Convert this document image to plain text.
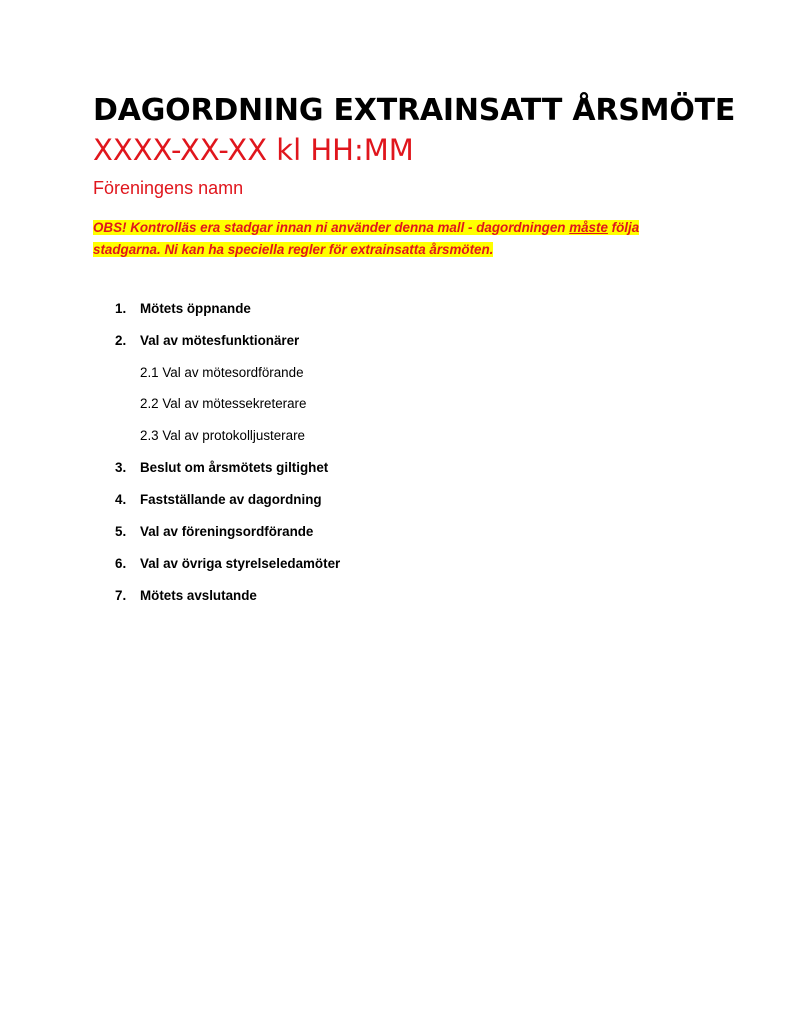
DAGORDNING EXTRAINSATT ÅRSMÖTE
XXXX-XX-XX kl HH:MM
Föreningens namn

OBS! Kontrolläs era stadgar innan ni använder denna mall - dagordningen måste följa stadgarna. Ni kan ha speciella regler för extrainsatta årsmöten.

1. Mötets öppnande
2. Val av mötesfunktionärer
2.1 Val av mötesordförande
2.2 Val av mötessekreterare
2.3 Val av protokolljusterare
3. Beslut om årsmötets giltighet
4. Fastställande av dagordning
5. Val av föreningsordförande
6. Val av övriga styrelseledamöter
7. Mötets avslutande
